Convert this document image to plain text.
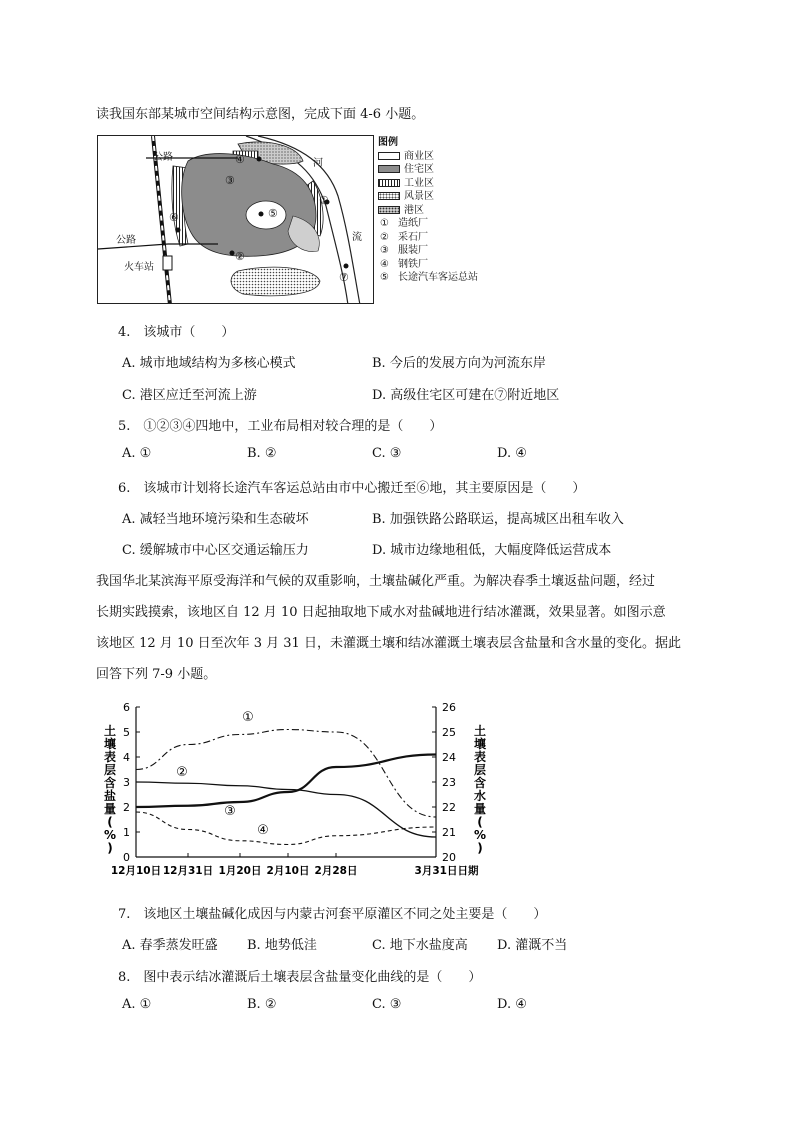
读我国东部某城市空间结构示意图，完成下面 4-6 小题。
公路
公路
火车站
河
流
④
③
①
⑤
⑥
②
⑦
图例
商业区
住宅区
工业区
风景区
港区
① 造纸厂
② 采石厂
③ 服装厂
④ 钢铁厂
⑤ 长途汽车客运总站
4.　该城市（　　）
A. 城市地域结构为多核心模式	B. 今后的发展方向为河流东岸
C. 港区应迁至河流上游	D. 高级住宅区可建在⑦附近地区
5.　①②③④四地中，工业布局相对较合理的是（　　）
A. ①	B. ②	C. ③	D. ④
6.　该城市计划将长途汽车客运总站由市中心搬迁至⑥地，其主要原因是（　　）
A. 减轻当地环境污染和生态破坏	B. 加强铁路公路联运，提高城区出租车收入
C. 缓解城市中心区交通运输压力	D. 城市边缘地租低，大幅度降低运营成本
我国华北某滨海平原受海洋和气候的双重影响，土壤盐碱化严重。为解决春季土壤返盐问题，经过
长期实践摸索，该地区自 12 月 10 日起抽取地下咸水对盐碱地进行结冰灌溉，效果显著。如图示意
该地区 12 月 10 日至次年 3 月 31 日，未灌溉土壤和结冰灌溉土壤表层含盐量和含水量的变化。据此
回答下列 7-9 小题。
0
1
2
3
4
5
6
20
21
22
23
24
25
26
12月10日 12月31日 1月20日 2月10日 2月28日	3月31日 日期
土
壤
表
层
含
盐
量
(
%
)
土
壤
表
层
含
水
量
(
%
)
①
②
③
④
7.　该地区土壤盐碱化成因与内蒙古河套平原灌区不同之处主要是（　　）
A. 春季蒸发旺盛 B. 地势低洼	C. 地下水盐度高 D. 灌溉不当
8.　图中表示结冰灌溉后土壤表层含盐量变化曲线的是（　　）
A. ①	B. ②	C. ③	D. ④
